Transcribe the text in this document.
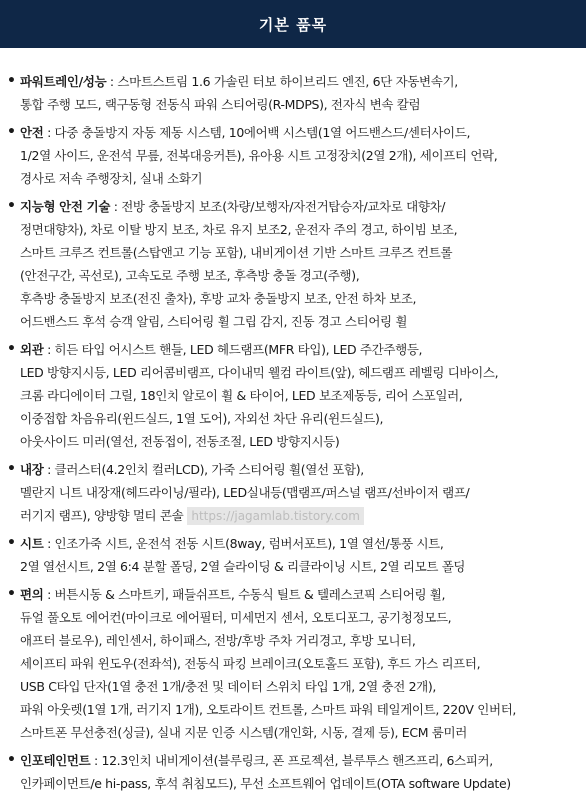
기본 품목
• 파워트레인/성능 : 스마트스트림 1.6 가솔린 터보 하이브리드 엔진, 6단 자동변속기,
통합 주행 모드, 랙구동형 전동식 파워 스티어링(R-MDPS), 전자식 변속 칼럼
• 안전 : 다중 충돌방지 자동 제동 시스템, 10에어백 시스템(1열 어드밴스드/센터사이드,
1/2열 사이드, 운전석 무릎, 전복대응커튼), 유아용 시트 고정장치(2열 2개), 세이프티 언락,
경사로 저속 주행장치, 실내 소화기
• 지능형 안전 기술 : 전방 충돌방지 보조(차량/보행자/자전거탑승자/교차로 대향차/
정면대향차), 차로 이탈 방지 보조, 차로 유지 보조2, 운전자 주의 경고, 하이빔 보조,
스마트 크루즈 컨트롤(스탑앤고 기능 포함), 내비게이션 기반 스마트 크루즈 컨트롤
(안전구간, 곡선로), 고속도로 주행 보조, 후측방 충돌 경고(주행),
후측방 충돌방지 보조(전진 출차), 후방 교차 충돌방지 보조, 안전 하차 보조,
어드밴스드 후석 승객 알림, 스티어링 휠 그립 감지, 진동 경고 스티어링 휠
• 외관 : 히든 타입 어시스트 핸들, LED 헤드램프(MFR 타입), LED 주간주행등,
LED 방향지시등, LED 리어콤비램프, 다이내믹 웰컴 라이트(앞), 헤드램프 레벨링 디바이스,
크롬 라디에이터 그릴, 18인치 알로이 휠 & 타이어, LED 보조제동등, 리어 스포일러,
이중접합 차음유리(윈드실드, 1열 도어), 자외선 차단 유리(윈드실드),
아웃사이드 미러(열선, 전동접이, 전동조절, LED 방향지시등)
• 내장 : 클러스터(4.2인치 컬러LCD), 가죽 스티어링 휠(열선 포함),
멜란지 니트 내장재(헤드라이닝/필라), LED실내등(맵램프/퍼스널 램프/선바이저 램프/
러기지 램프), 양방향 멀티 콘솔 https://jagamlab.tistory.com
• 시트 : 인조가죽 시트, 운전석 전동 시트(8way, 럼버서포트), 1열 열선/통풍 시트,
2열 열선시트, 2열 6:4 분할 폴딩, 2열 슬라이딩 & 리클라이닝 시트, 2열 리모트 폴딩
• 편의 : 버튼시동 & 스마트키, 패들쉬프트, 수동식 틸트 & 텔레스코픽 스티어링 휠,
듀얼 풀오토 에어컨(마이크로 에어필터, 미세먼지 센서, 오토디포그, 공기청정모드,
애프터 블로우), 레인센서, 하이패스, 전방/후방 주차 거리경고, 후방 모니터,
세이프티 파워 윈도우(전좌석), 전동식 파킹 브레이크(오토홀드 포함), 후드 가스 리프터,
USB C타입 단자(1열 충전 1개/충전 및 데이터 스위치 타입 1개, 2열 충전 2개),
파워 아웃렛(1열 1개, 러기지 1개), 오토라이트 컨트롤, 스마트 파워 테일게이트, 220V 인버터,
스마트폰 무선충전(싱글), 실내 지문 인증 시스템(개인화, 시동, 결제 등), ECM 룸미러
• 인포테인먼트 : 12.3인치 내비게이션(블루링크, 폰 프로젝션, 블루투스 핸즈프리, 6스피커,
인카페이먼트/e hi-pass, 후석 취침모드), 무선 소프트웨어 업데이트(OTA software Update)
